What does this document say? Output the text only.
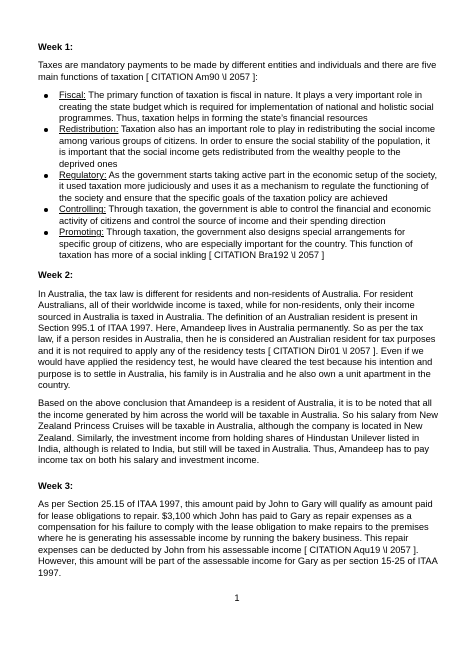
Week 1:

Taxes are mandatory payments to be made by different entities and individuals and there are five main functions of taxation [ CITATION Am90 \l 2057 ]:

Fiscal: The primary function of taxation is fiscal in nature. It plays a very important role in creating the state budget which is required for implementation of national and holistic social programmes. Thus, taxation helps in forming the state’s financial resources
Redistribution: Taxation also has an important role to play in redistributing the social income among various groups of citizens. In order to ensure the social stability of the population, it is important that the social income gets redistributed from the wealthy people to the deprived ones
Regulatory: As the government starts taking active part in the economic setup of the society, it used taxation more judiciously and uses it as a mechanism to regulate the functioning of the society and ensure that the specific goals of the taxation policy are achieved
Controlling: Through taxation, the government is able to control the financial and economic activity of citizens and control the source of income and their spending direction
Promoting: Through taxation, the government also designs special arrangements for specific group of citizens, who are especially important for the country. This function of taxation has more of a social inkling [ CITATION Bra192 \l 2057 ]

Week 2:

In Australia, the tax law is different for residents and non-residents of Australia. For resident Australians, all of their worldwide income is taxed, while for non-residents, only their income sourced in Australia is taxed in Australia. The definition of an Australian resident is present in Section 995.1 of ITAA 1997. Here, Amandeep lives in Australia permanently. So as per the tax law, if a person resides in Australia, then he is considered an Australian resident for tax purposes and it is not required to apply any of the residency tests [ CITATION Dir01 \l 2057 ]. Even if we would have applied the residency test, he would have cleared the test because his intention and purpose is to settle in Australia, his family is in Australia and he also own a unit apartment in the country.

Based on the above conclusion that Amandeep is a resident of Australia, it is to be noted that all the income generated by him across the world will be taxable in Australia. So his salary from New Zealand Princess Cruises will be taxable in Australia, although the company is located in New Zealand. Similarly, the investment income from holding shares of Hindustan Unilever listed in India, although is related to India, but still will be taxed in Australia. Thus, Amandeep has to pay income tax on both his salary and investment income.

Week 3:

As per Section 25.15 of ITAA 1997, this amount paid by John to Gary will qualify as amount paid for lease obligations to repair. $3,100 which John has paid to Gary as repair expenses as a compensation for his failure to comply with the lease obligation to make repairs to the premises where he is generating his assessable income by running the bakery business. This repair expenses can be deducted by John from his assessable income [ CITATION Aqu19 \l 2057 ]. However, this amount will be part of the assessable income for Gary as per section 15-25 of ITAA 1997.

1
